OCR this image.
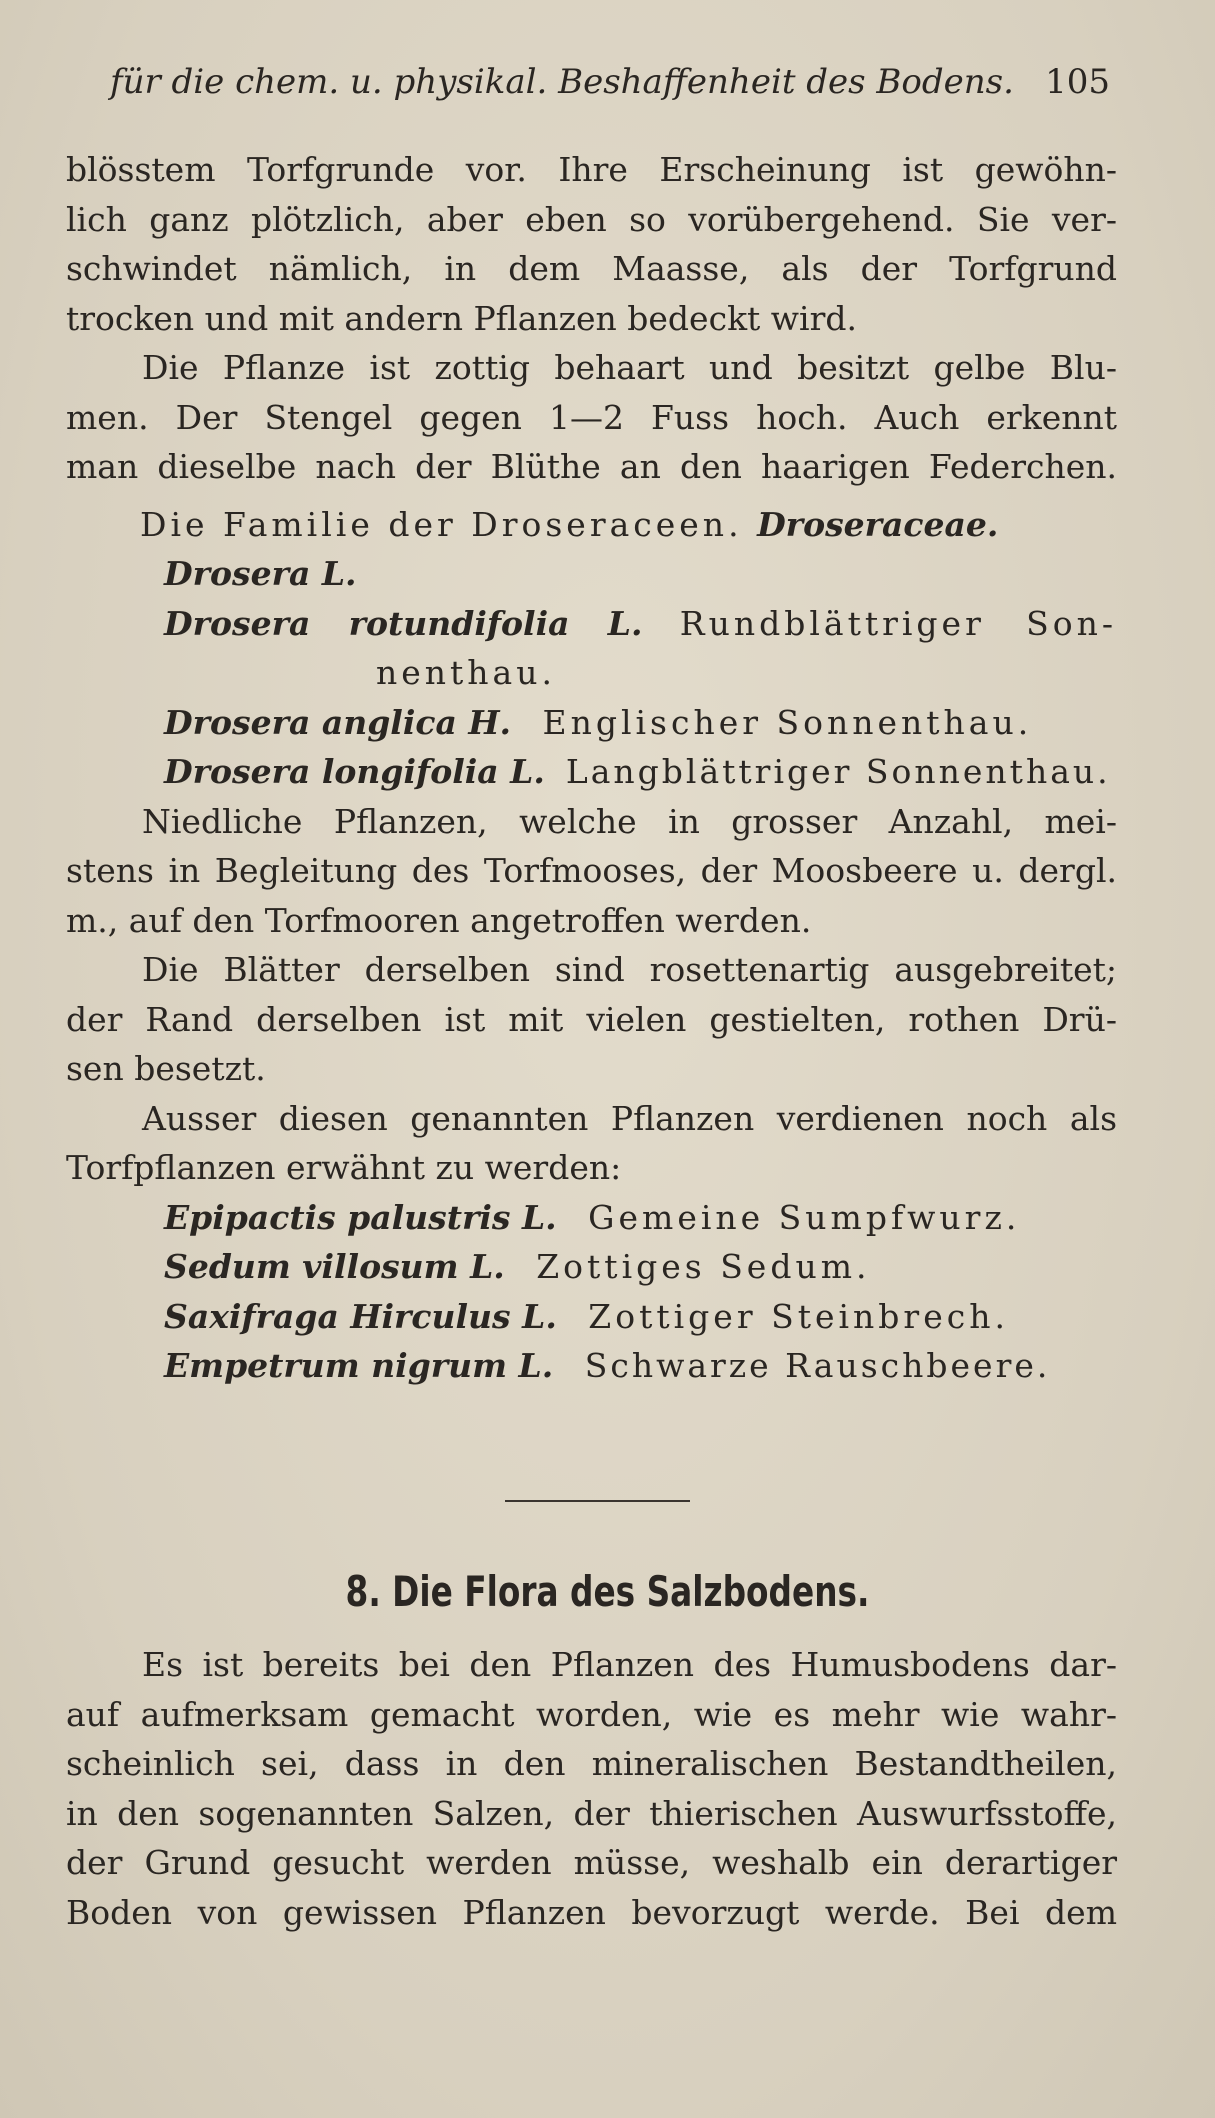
für die chem. u. physikal. Beshaffenheit des Bodens. 105
blösstem Torfgrunde vor. Ihre Erscheinung ist gewöhn-
lich ganz plötzlich, aber eben so vorübergehend. Sie ver-
schwindet nämlich, in dem Maasse, als der Torfgrund
trocken und mit andern Pflanzen bedeckt wird.
Die Pflanze ist zottig behaart und besitzt gelbe Blu-
men. Der Stengel gegen 1—2 Fuss hoch. Auch erkennt
man dieselbe nach der Blüthe an den haarigen Federchen.
Die Familie der Droseraceen. Droseraceae.
Drosera L.
Drosera rotundifolia L. Rundblättriger Son-
nenthau.
Drosera anglica H. Englischer Sonnenthau.
Drosera longifolia L. Langblättriger Sonnenthau.
Niedliche Pflanzen, welche in grosser Anzahl, mei-
stens in Begleitung des Torfmooses, der Moosbeere u. dergl.
m., auf den Torfmooren angetroffen werden.
Die Blätter derselben sind rosettenartig ausgebreitet;
der Rand derselben ist mit vielen gestielten, rothen Drü-
sen besetzt.
Ausser diesen genannten Pflanzen verdienen noch als
Torfpflanzen erwähnt zu werden:
Epipactis palustris L. Gemeine Sumpfwurz.
Sedum villosum L. Zottiges Sedum.
Saxifraga Hirculus L. Zottiger Steinbrech.
Empetrum nigrum L. Schwarze Rauschbeere.
8. Die Flora des Salzbodens.
Es ist bereits bei den Pflanzen des Humusbodens dar-
auf aufmerksam gemacht worden, wie es mehr wie wahr-
scheinlich sei, dass in den mineralischen Bestandtheilen,
in den sogenannten Salzen, der thierischen Auswurfsstoffe,
der Grund gesucht werden müsse, weshalb ein derartiger
Boden von gewissen Pflanzen bevorzugt werde. Bei dem
